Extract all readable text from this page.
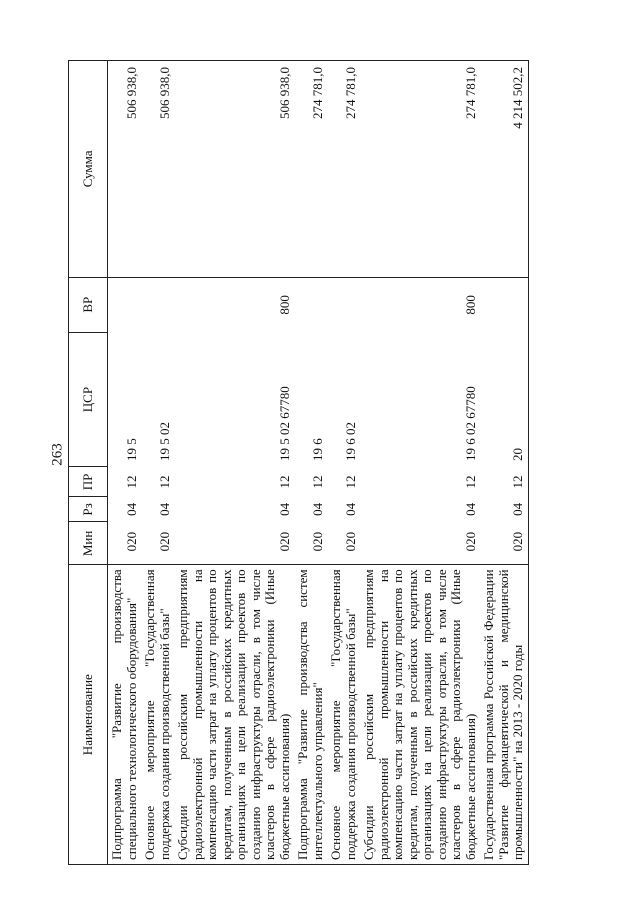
263
Наименование	Мин	Рз	ПР	ЦСР	ВР	Сумма
Подпрограмма "Развитие производства специального технологического оборудования"	020	04	12	19 5		506 938,0
Основное мероприятие "Государственная поддержка создания производственной базы"	020	04	12	19 5 02		506 938,0
Субсидии российским предприятиям радиоэлектронной промышленности на компенсацию части затрат на уплату процентов по кредитам, полученным в российских кредитных организациях на цели реализации проектов по созданию инфраструктуры отрасли, в том числе кластеров в сфере радиоэлектроники (Иные бюджетные ассигнования)	020	04	12	19 5 02 67780	800	506 938,0
Подпрограмма "Развитие производства систем интеллектуального управления"	020	04	12	19 6		274 781,0
Основное мероприятие "Государственная поддержка создания производственной базы"	020	04	12	19 6 02		274 781,0
Субсидии российским предприятиям радиоэлектронной промышленности на компенсацию части затрат на уплату процентов по кредитам, полученным в российских кредитных организациях на цели реализации проектов по созданию инфраструктуры отрасли, в том числе кластеров в сфере радиоэлектроники (Иные бюджетные ассигнования)	020	04	12	19 6 02 67780	800	274 781,0
Государственная программа Российской Федерации "Развитие фармацевтической и медицинской промышленности" на 2013 - 2020 годы	020	04	12	20		4 214 502,2
